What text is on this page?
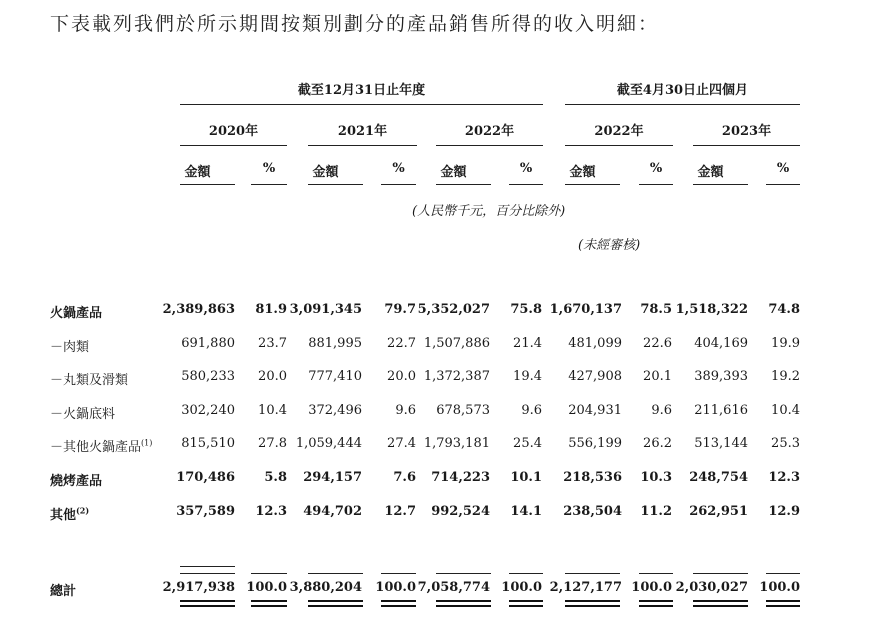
下表載列我們於所示期間按類別劃分的產品銷售所得的收入明細：
截至12月31日止年度	截至4月30日止四個月
2020年	2021年	2022年	2022年	2023年
金額	金額	金額	金額	金額
%	%	%	%	%
(人民幣千元，百分比除外)
(未經審核)
火鍋產品	2,389,863	81.9 3,091,345	79.7 5,352,027	75.8 1,670,137	78.5 1,518,322	74.8
－肉類	691,880	23.7	881,995	22.7 1,507,886	21.4	481,099	22.6	404,169	19.9
－丸類及滑類	580,233	20.0	777,410	20.0 1,372,387	19.4	427,908	20.1	389,393	19.2
－火鍋底料	302,240	10.4	372,496	9.6	678,573	9.6	204,931	9.6	211,616	10.4
－其他火鍋產品$^{(1)}$	815,510	27.8 1,059,444	27.4 1,793,181	25.4	556,199	26.2	513,144	25.3
燒烤產品	170,486	5.8	294,157	7.6	714,223	10.1	218,536	10.3	248,754	12.3
其他$^{(2)}$	357,589	12.3	494,702	12.7	992,524	14.1	238,504	11.2	262,951	12.9
總計	2,917,938 100.0 3,880,204	100.0 7,058,774 100.0 2,127,177 100.0 2,030,027 100.0
